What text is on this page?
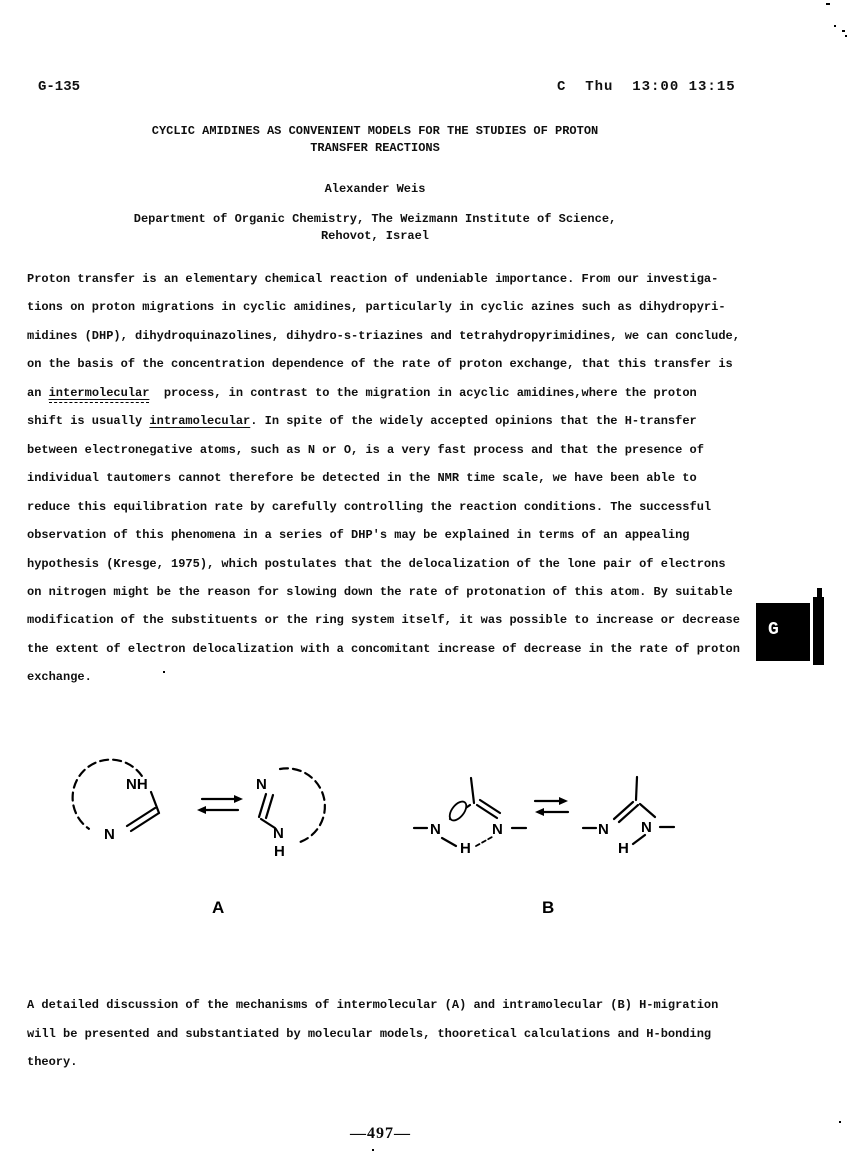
G-135	C  Thu  13:00 13:15
CYCLIC AMIDINES AS CONVENIENT MODELS FOR THE STUDIES OF PROTON
TRANSFER REACTIONS
Alexander Weis
Department of Organic Chemistry, The Weizmann Institute of Science,
Rehovot, Israel
Proton transfer is an elementary chemical reaction of undeniable importance. From our investiga-
tions on proton migrations in cyclic amidines, particularly in cyclic azines such as dihydropyri-
midines (DHP), dihydroquinazolines, dihydro-s-triazines and tetrahydropyrimidines, we can conclude,
on the basis of the concentration dependence of the rate of proton exchange, that this transfer is
an intermolecular  process, in contrast to the migration in acyclic amidines,where the proton
shift is usually intramolecular. In spite of the widely accepted opinions that the H-transfer
between electronegative atoms, such as N or O, is a very fast process and that the presence of
individual tautomers cannot therefore be detected in the NMR time scale, we have been able to
reduce this equilibration rate by carefully controlling the reaction conditions. The successful
observation of this phenomena in a series of DHP's may be explained in terms of an appealing
hypothesis (Kresge, 1975), which postulates that the delocalization of the lone pair of electrons
on nitrogen might be the reason for slowing down the rate of protonation of this atom. By suitable
modification of the substituents or the ring system itself, it was possible to increase or decrease
the extent of electron delocalization with a concomitant increase of decrease in the rate of proton
exchange.
NH
N
N
N
H
A
N	N
H
N N
H
B
A detailed discussion of the mechanisms of intermolecular (A) and intramolecular (B) H-migration
will be presented and substantiated by molecular models, thooretical calculations and H-bonding
theory.
G
—497—
